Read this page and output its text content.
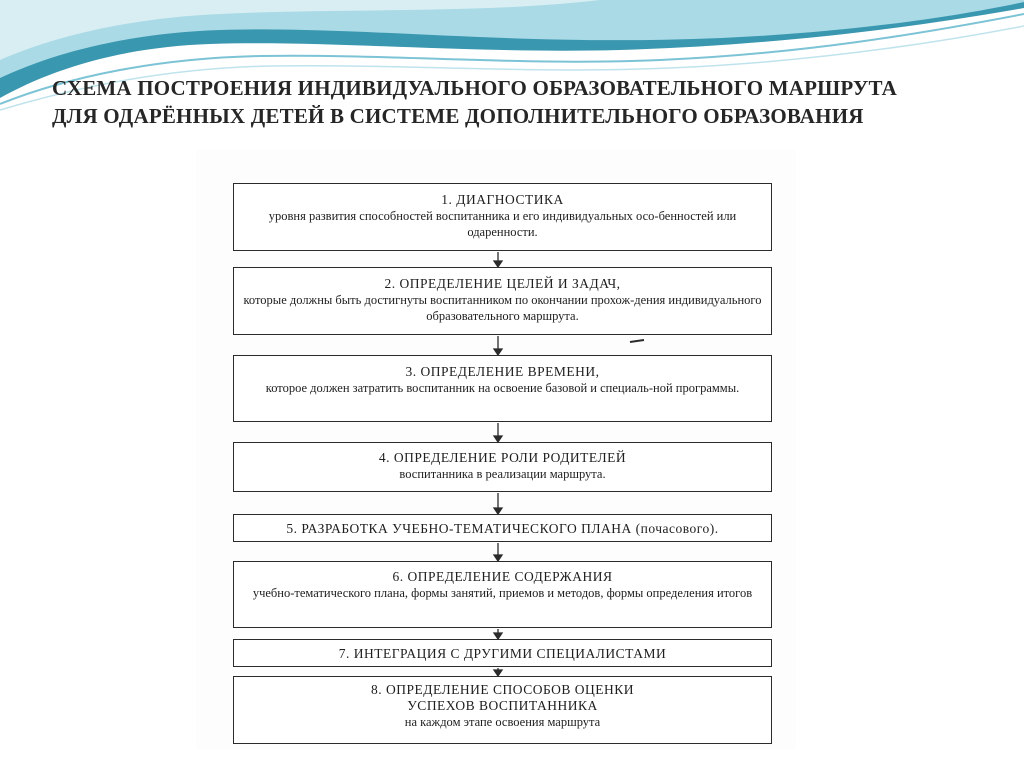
СХЕМА ПОСТРОЕНИЯ ИНДИВИДУАЛЬНОГО ОБРАЗОВАТЕЛЬНОГО МАРШРУТА
ДЛЯ ОДАРЁННЫХ ДЕТЕЙ В СИСТЕМЕ ДОПОЛНИТЕЛЬНОГО ОБРАЗОВАНИЯ
1. ДИАГНОСТИКА
уровня развития способностей воспитанника и его индивидуальных осо-бенностей или одаренности.
2. ОПРЕДЕЛЕНИЕ ЦЕЛЕЙ И ЗАДАЧ,
которые должны быть достигнуты воспитанником по окончании прохож-дения индивидуального образовательного маршрута.
3. ОПРЕДЕЛЕНИЕ ВРЕМЕНИ,
которое должен затратить воспитанник на освоение базовой и специаль-ной программы.
4. ОПРЕДЕЛЕНИЕ РОЛИ РОДИТЕЛЕЙ
воспитанника в реализации маршрута.
5. РАЗРАБОТКА УЧЕБНО-ТЕМАТИЧЕСКОГО ПЛАНА (почасового).
6. ОПРЕДЕЛЕНИЕ СОДЕРЖАНИЯ
учебно-тематического плана, формы занятий, приемов и методов, формы определения итогов
7. ИНТЕГРАЦИЯ С ДРУГИМИ СПЕЦИАЛИСТАМИ
8. ОПРЕДЕЛЕНИЕ СПОСОБОВ ОЦЕНКИ УСПЕХОВ ВОСПИТАННИКА
на каждом этапе освоения маршрута
